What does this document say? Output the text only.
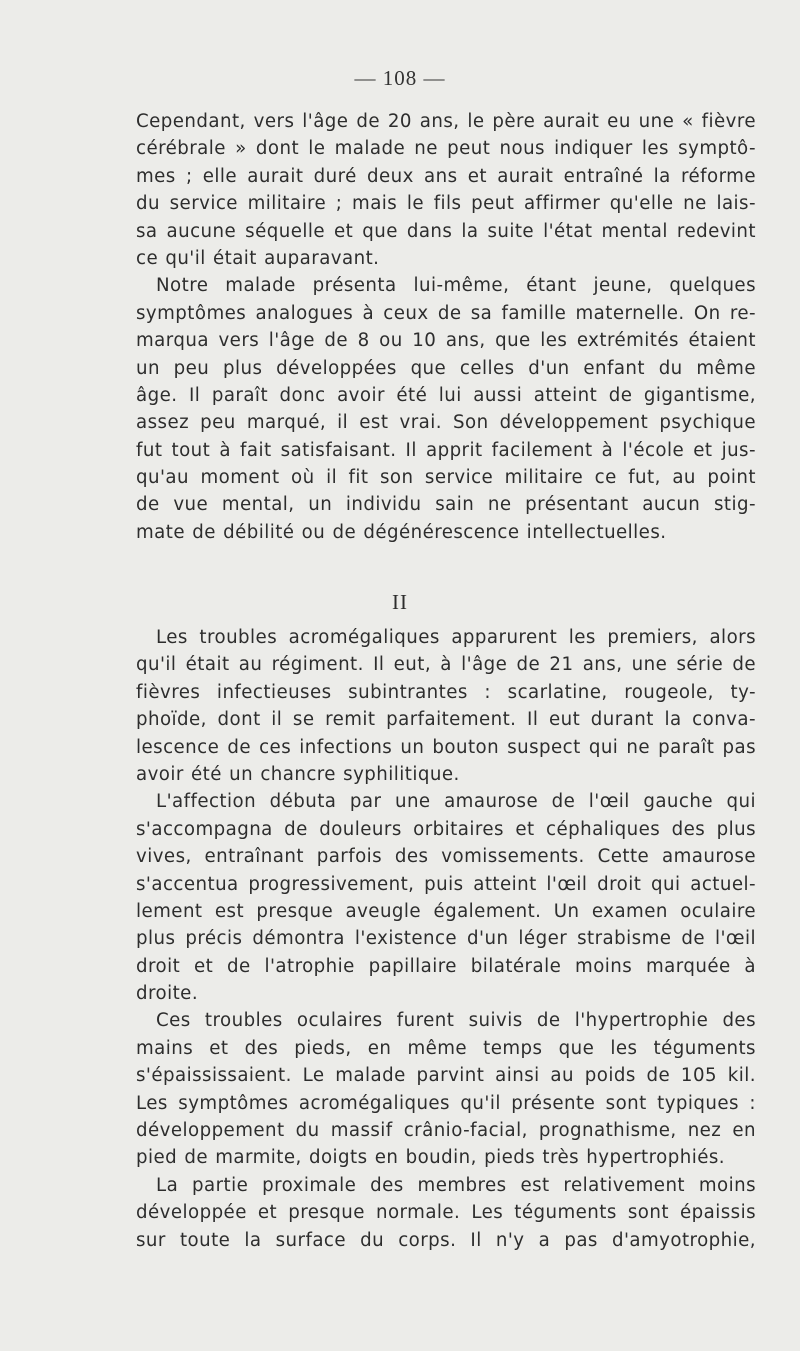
— 108 —
Cependant, vers l'âge de 20 ans, le père aurait eu une « fièvre
cérébrale » dont le malade ne peut nous indiquer les symptô-
mes ; elle aurait duré deux ans et aurait entraîné la réforme
du service militaire ; mais le fils peut affirmer qu'elle ne lais-
sa aucune séquelle et que dans la suite l'état mental redevint
ce qu'il était auparavant.
Notre malade présenta lui-même, étant jeune, quelques
symptômes analogues à ceux de sa famille maternelle. On re-
marqua vers l'âge de 8 ou 10 ans, que les extrémités étaient
un peu plus développées que celles d'un enfant du même
âge. Il paraît donc avoir été lui aussi atteint de gigantisme,
assez peu marqué, il est vrai. Son développement psychique
fut tout à fait satisfaisant. Il apprit facilement à l'école et jus-
qu'au moment où il fit son service militaire ce fut, au point
de vue mental, un individu sain ne présentant aucun stig-
mate de débilité ou de dégénérescence intellectuelles.
II
Les troubles acromégaliques apparurent les premiers, alors
qu'il était au régiment. Il eut, à l'âge de 21 ans, une série de
fièvres infectieuses subintrantes : scarlatine, rougeole, ty-
phoïde, dont il se remit parfaitement. Il eut durant la conva-
lescence de ces infections un bouton suspect qui ne paraît pas
avoir été un chancre syphilitique.
L'affection débuta par une amaurose de l'œil gauche qui
s'accompagna de douleurs orbitaires et céphaliques des plus
vives, entraînant parfois des vomissements. Cette amaurose
s'accentua progressivement, puis atteint l'œil droit qui actuel-
lement est presque aveugle également. Un examen oculaire
plus précis démontra l'existence d'un léger strabisme de l'œil
droit et de l'atrophie papillaire bilatérale moins marquée à
droite.
Ces troubles oculaires furent suivis de l'hypertrophie des
mains et des pieds, en même temps que les téguments
s'épaississaient. Le malade parvint ainsi au poids de 105 kil.
Les symptômes acromégaliques qu'il présente sont typiques :
développement du massif crânio-facial, prognathisme, nez en
pied de marmite, doigts en boudin, pieds très hypertrophiés.
La partie proximale des membres est relativement moins
développée et presque normale. Les téguments sont épaissis
sur toute la surface du corps. Il n'y a pas d'amyotrophie,
